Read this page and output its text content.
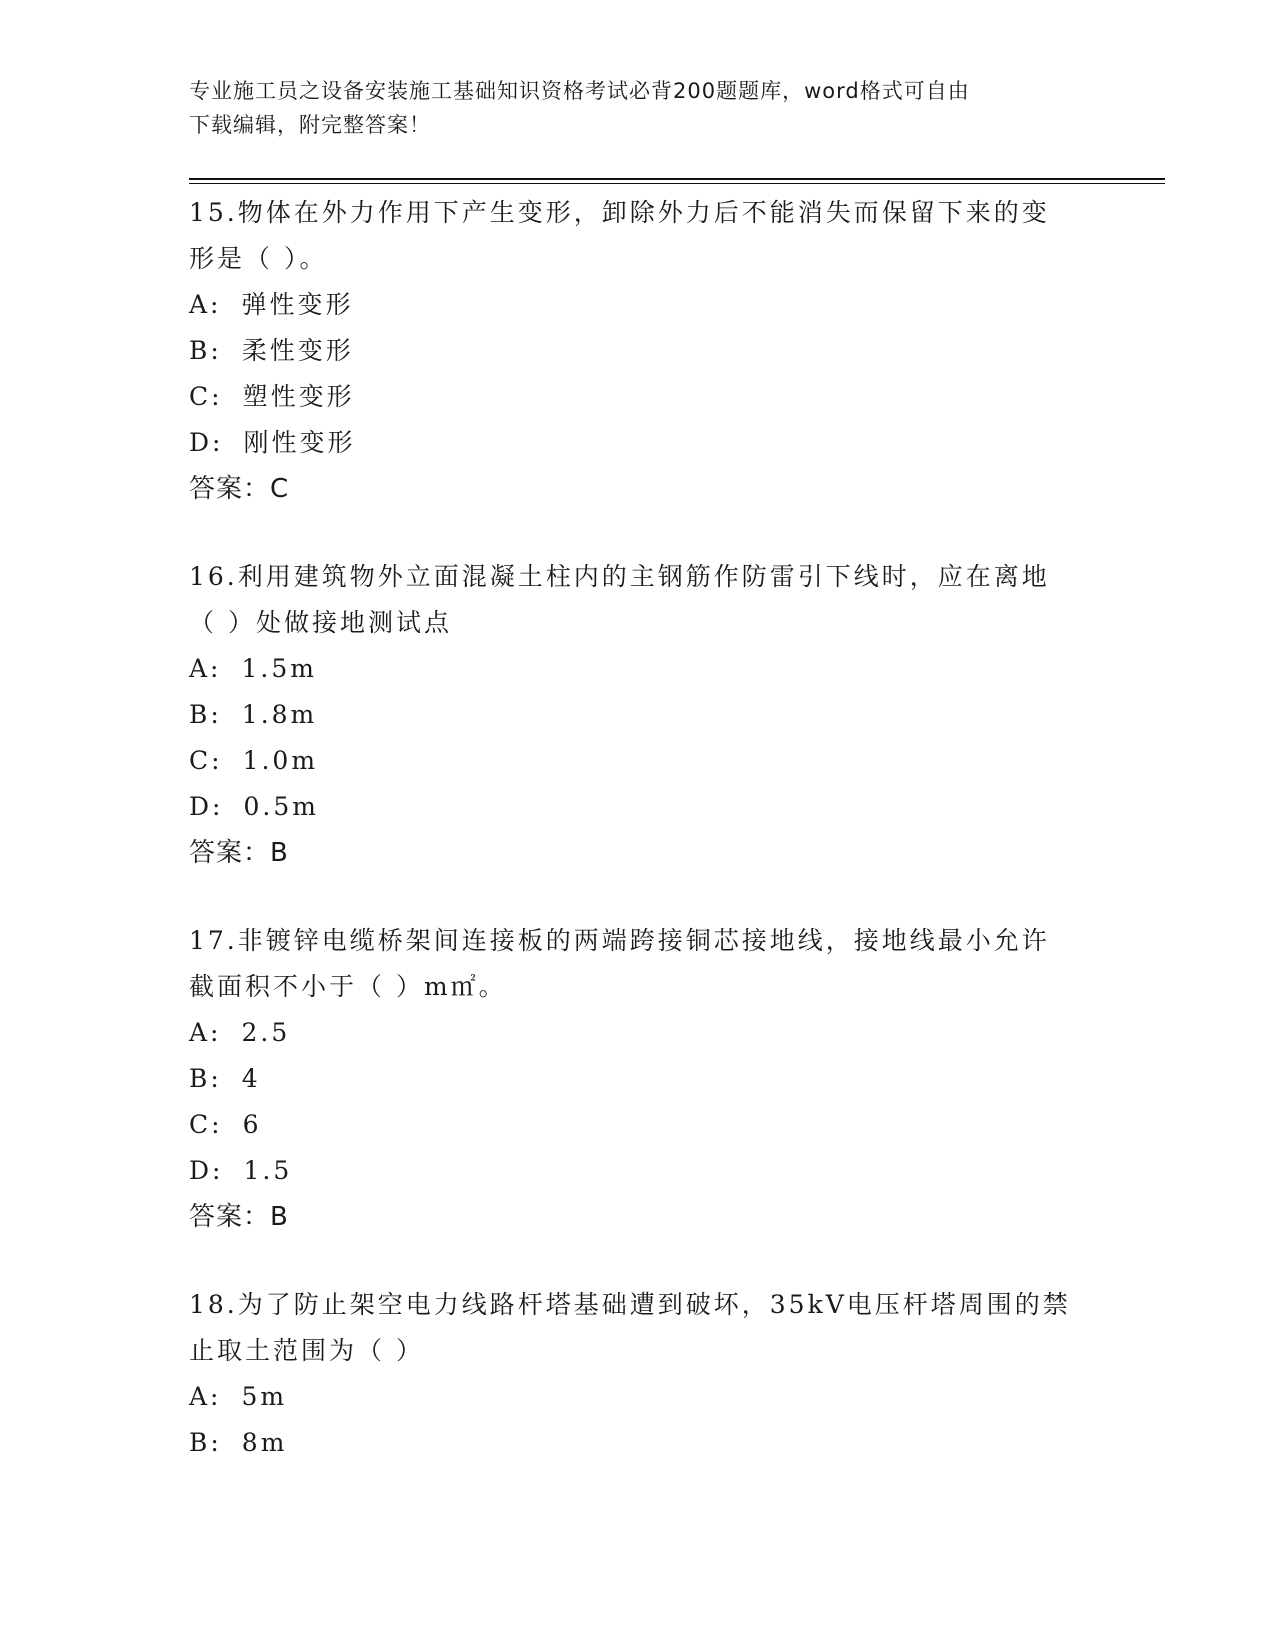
专业施工员之设备安装施工基础知识资格考试必背200题题库，word格式可自由
下载编辑，附完整答案！

15.物体在外力作用下产生变形，卸除外力后不能消失而保留下来的变

形是（ ）。

A: 弹性变形

B: 柔性变形

C: 塑性变形

D: 刚性变形

答案：C

16.利用建筑物外立面混凝土柱内的主钢筋作防雷引下线时，应在离地

（ ）处做接地测试点

A: 1.5m

B: 1.8m

C: 1.0m

D: 0.5m

答案：B

17.非镀锌电缆桥架间连接板的两端跨接铜芯接地线，接地线最小允许

截面积不小于（ ）m㎡。

A: 2.5

B: 4

C: 6

D: 1.5

答案：B

18.为了防止架空电力线路杆塔基础遭到破坏，35kV电压杆塔周围的禁

止取土范围为（ ）

A: 5m

B: 8m
